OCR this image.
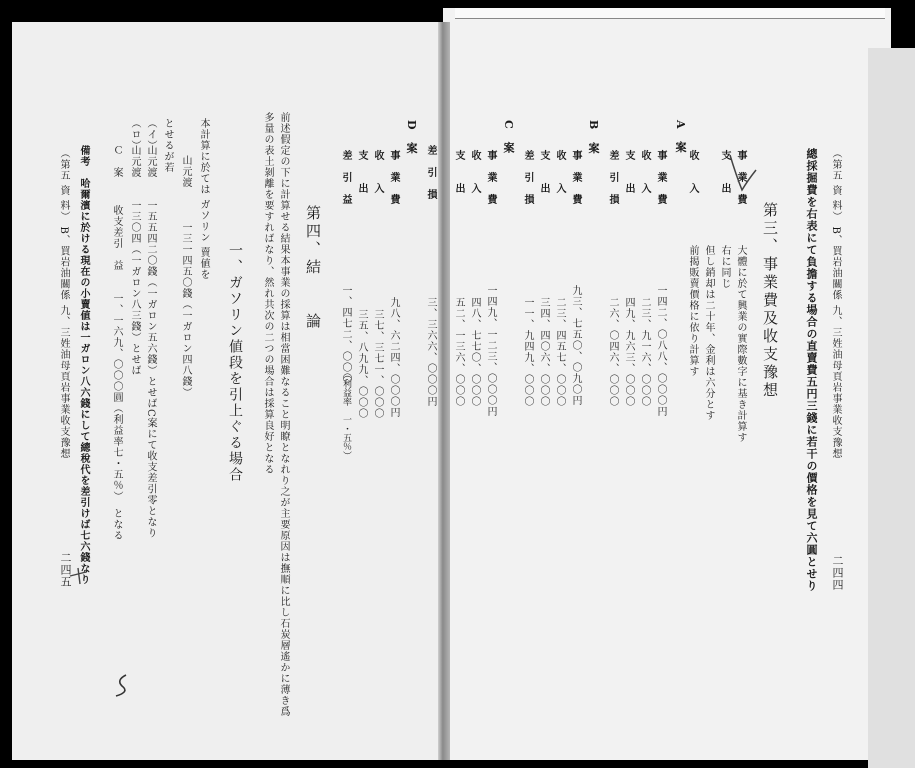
（第五 資 料） B、買岩油關係 九、三姓油母頁岩事業收支豫想
總採掘費を右表にて負擔する場合の直賣費五円三錢に若干の價格を見て六圓とせり
第三、事業費及收支豫想
二四四
A　案
事　業　費
大體に於て興業の實際數字に基き計算す
支　　出
右に同じ
但し銷却は二十年、金利は六分とす
收　　入
前揭販賣價格に依り計算す
事　業　費
一四二、〇八八、〇〇〇円
收　　入
二三、九一六、〇〇〇
支　　出
四九、九六三、〇〇〇
差　引　損
二六、〇四六、〇〇〇
B　案
事　業　費
九三、七五〇、〇九〇円
收　　入
二三、四五七、〇〇〇
支　　出
三四、四〇六、〇〇〇
差　引　損
一一、九四九、〇〇〇
C　案
事　業　費
一四九、一二三、〇〇〇円
收　　入
四八、七七〇、〇〇〇
支　　出
五二、一三六、〇〇〇
差　引　損
三、三六六、〇〇〇円
D　案
事　業　費
九八、六二四、〇〇〇円
收　　入
三七、三七一、〇〇〇
支　　出
三五、八九九、〇〇〇
差　引　益
一、四七二、〇〇〇
（利益率　一・五％）
第四、結　　論
前述假定の下に計算せる結果本事業の採算は相當困難なること明瞭となれり之が主要原因は撫順に比し石炭層遙かに薄き爲
多量の表土剝離を要すればなり、然れ共次の二つの場合は採算良好となる
一、ガソリン値段を引上ぐる場合
本計算に於ては ガソリン 賣値を
山元渡
一三一四五〇錢（一ガロン四八錢）
とせるが若
（イ）
山元渡　　一五五四二〇錢（一ガロン五六錢）とせばC案にて收支差引零となり
（ロ）
山元渡　　一三〇四（一ガロン八三錢）とせば
Ｃ　案
收支差引　益　　一、一六九、〇〇〇圓（利益率七・五％）　となる
備考　哈爾濱に於ける現在の小賣値は一ガロン八六錢にして總稅代を差引けば七六錢なり
（第五 資 料） B、買岩油關係 九、三姓油母頁岩事業收支豫想
二四五
